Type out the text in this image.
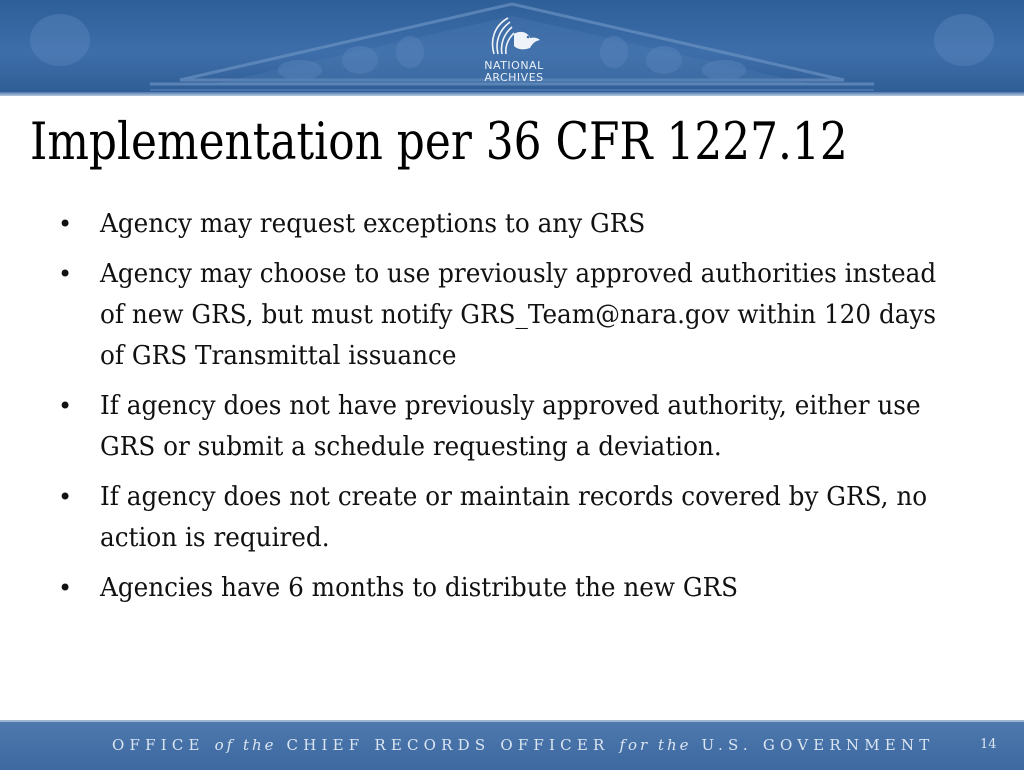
NATIONAL
ARCHIVES
Implementation per 36 CFR 1227.12
•	Agency may request exceptions to any GRS
•	Agency may choose to use previously approved authorities instead of new GRS, but must notify GRS_Team@nara.gov within 120 days of GRS Transmittal issuance
•	If agency does not have previously approved authority, either use GRS or submit a schedule requesting a deviation.
•	If agency does not create or maintain records covered by GRS, no action is required.
•	Agencies have 6 months to distribute the new GRS
OFFICE of the CHIEF RECORDS OFFICER for the U.S. GOVERNMENT	14
